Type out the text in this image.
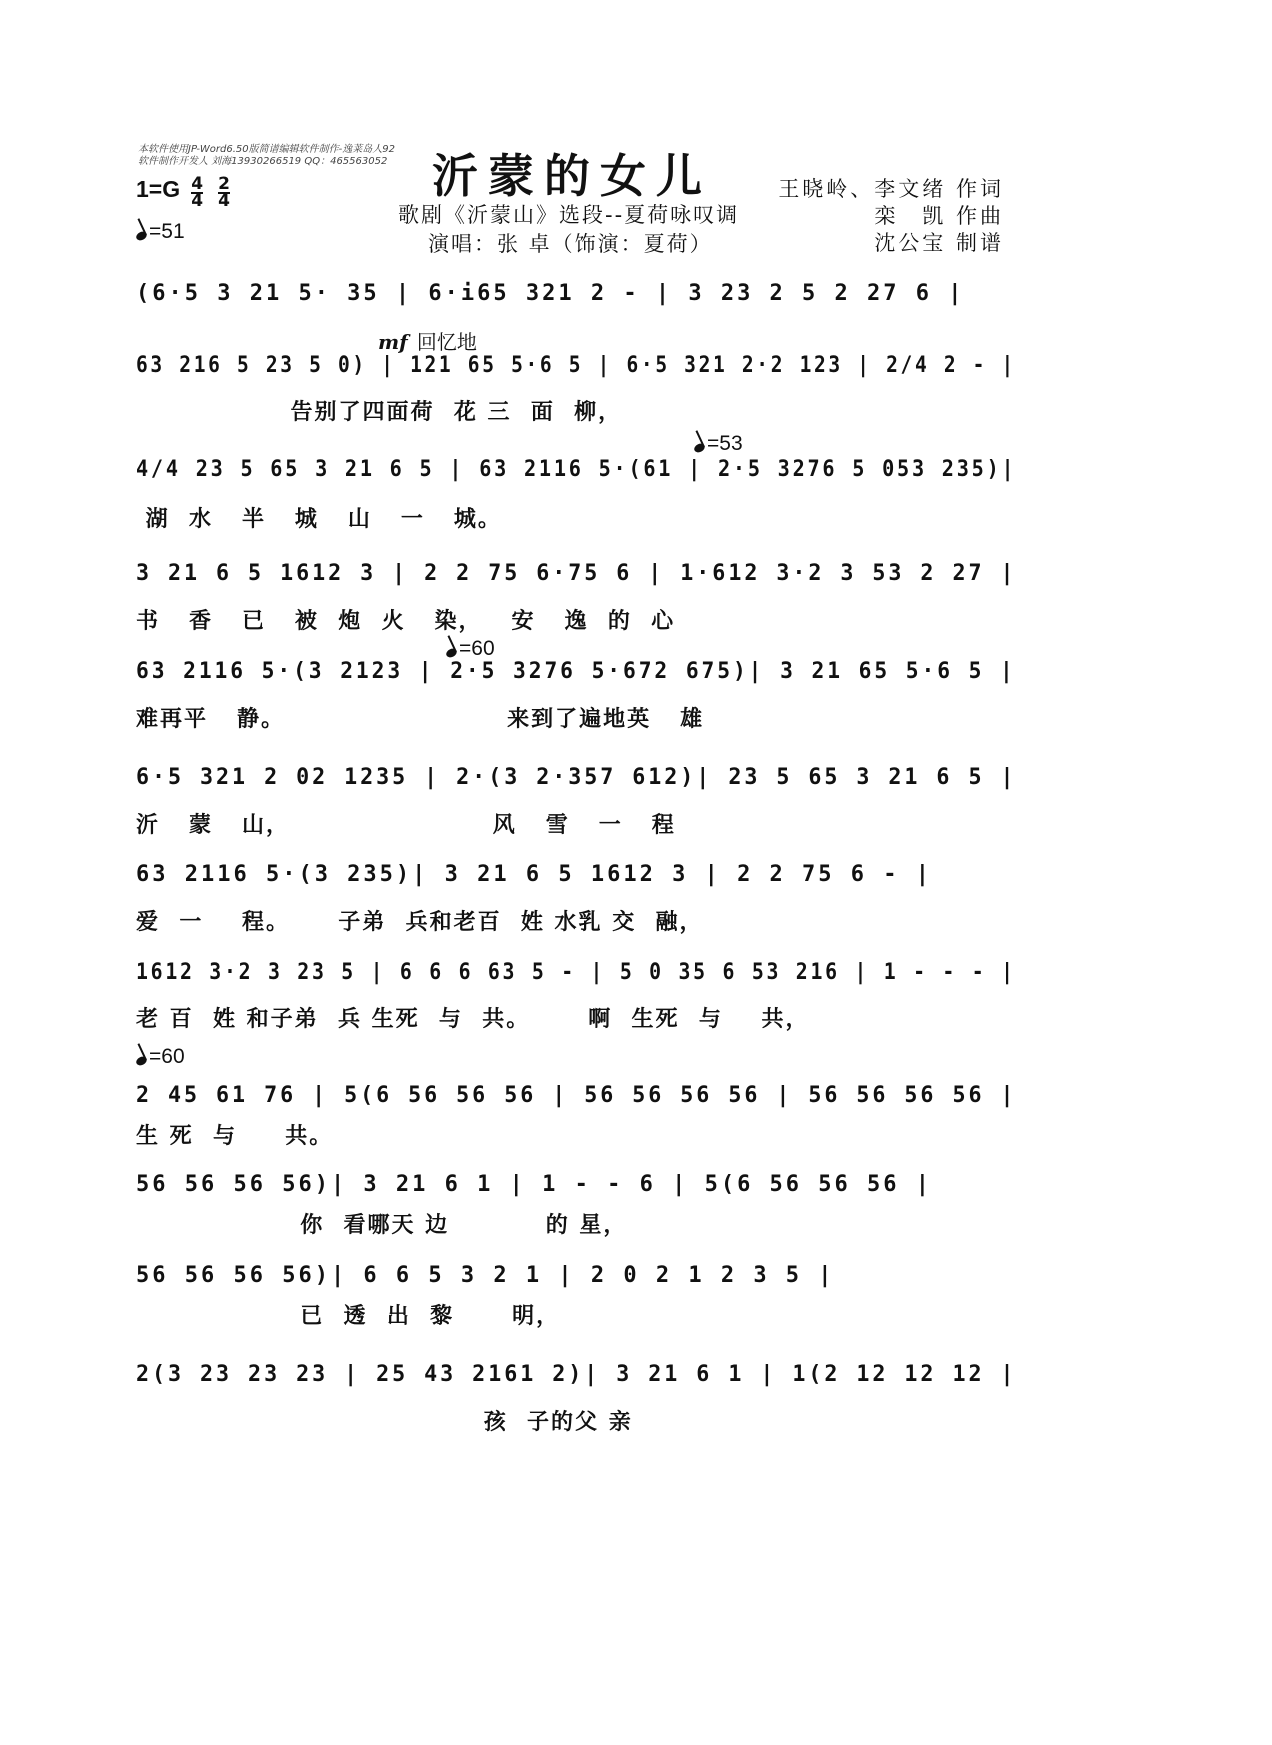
本软件使用JP-Word6.50版简谱编辑软件制作-逸莱岛人92
软件制作开发人 刘海13930266519 QQ：465563052 沂蒙的女儿
歌剧《沂蒙山》选段--夏荷咏叹调
演唱：张 卓（饰演：夏荷）
王晓岭、李文绪 作词
栾　凯 作曲
沈公宝 制谱
$1=G \frac{4}{4}$
$\frac{2}{4}$
=51
mf 回忆地
=53
=60
=60
(6·5 3 21 5· 35 | 6·i65 321 2 - | 3 23 2 5 2 27 6 |
63 216 5 23 5 0) | 121 65 5·6 5 | 6·5 321 2·2 123 | 2/4 2 - |
告别了四面荷  花 三  面  柳，
4/4 23 5 65 3 21 6 5 | 63 2116 5·(61 | 2·5 3276 5 053 235)|
湖  水   半   城   山   一   城。
3 21 6 5 1612 3 | 2 2 75 6·75 6 | 1·612 3·2 3 53 2 27 |
书   香   已   被  炮  火   染，   安   逸  的  心
63 2116 5·(3 2123 | 2·5 3276 5·672 675)| 3 21 65 5·6 5 |
难再平   静。                       来到了遍地英   雄
6·5 321 2 02 1235 | 2·(3 2·357 612)| 23 5 65 3 21 6 5 |
沂   蒙   山，                     风   雪   一   程
63 2116 5·(3 235)| 3 21 6 5 1612 3 | 2 2 75 6 - |
爱  一    程。     子弟  兵和老百  姓 水乳 交  融，
1612 3·2 3 23 5 | 6 6 6 63 5 - | 5 0 35 6 53 216 | 1 - - - |
老 百  姓 和子弟  兵 生死  与  共。      啊  生死  与    共，
2 45 61 76 | 5(6 56 56 56 | 56 56 56 56 | 56 56 56 56 |
生 死  与     共。
56 56 56 56)| 3 21 6 1 | 1 - - 6 | 5(6 56 56 56 |
你  看哪天 边          的 星，
56 56 56 56)| 6 6 5 3 2 1 | 2 0 2 1 2 3 5 |
已  透  出  黎      明，
2(3 23 23 23 | 25 43 2161 2)| 3 21 6 1 | 1(2 12 12 12 |
孩  子的父 亲
